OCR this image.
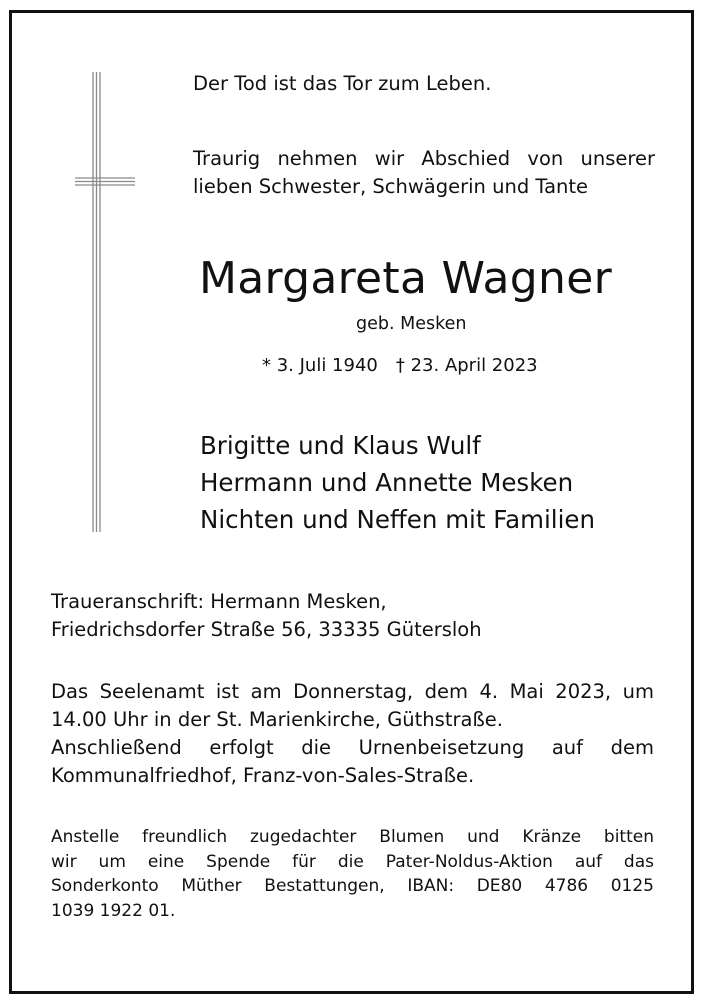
Der Tod ist das Tor zum Leben.
Traurig nehmen wir Abschied von unserer
lieben Schwester, Schwägerin und Tante
Margareta Wagner
geb. Mesken
* 3. Juli 1940 † 23. April 2023
Brigitte und Klaus Wulf
Hermann und Annette Mesken
Nichten und Neffen mit Familien
Traueranschrift: Hermann Mesken,
Friedrichsdorfer Straße 56, 33335 Gütersloh
Das Seelenamt ist am Donnerstag, dem 4. Mai 2023, um
14.00 Uhr in der St. Marienkirche, Güthstraße.
Anschließend erfolgt die Urnenbeisetzung auf dem
Kommunalfriedhof, Franz-von-Sales-Straße.
Anstelle freundlich zugedachter Blumen und Kränze bitten
wir um eine Spende für die Pater-Noldus-Aktion auf das
Sonderkonto Müther Bestattungen, IBAN: DE80 4786 0125
1039 1922 01.
